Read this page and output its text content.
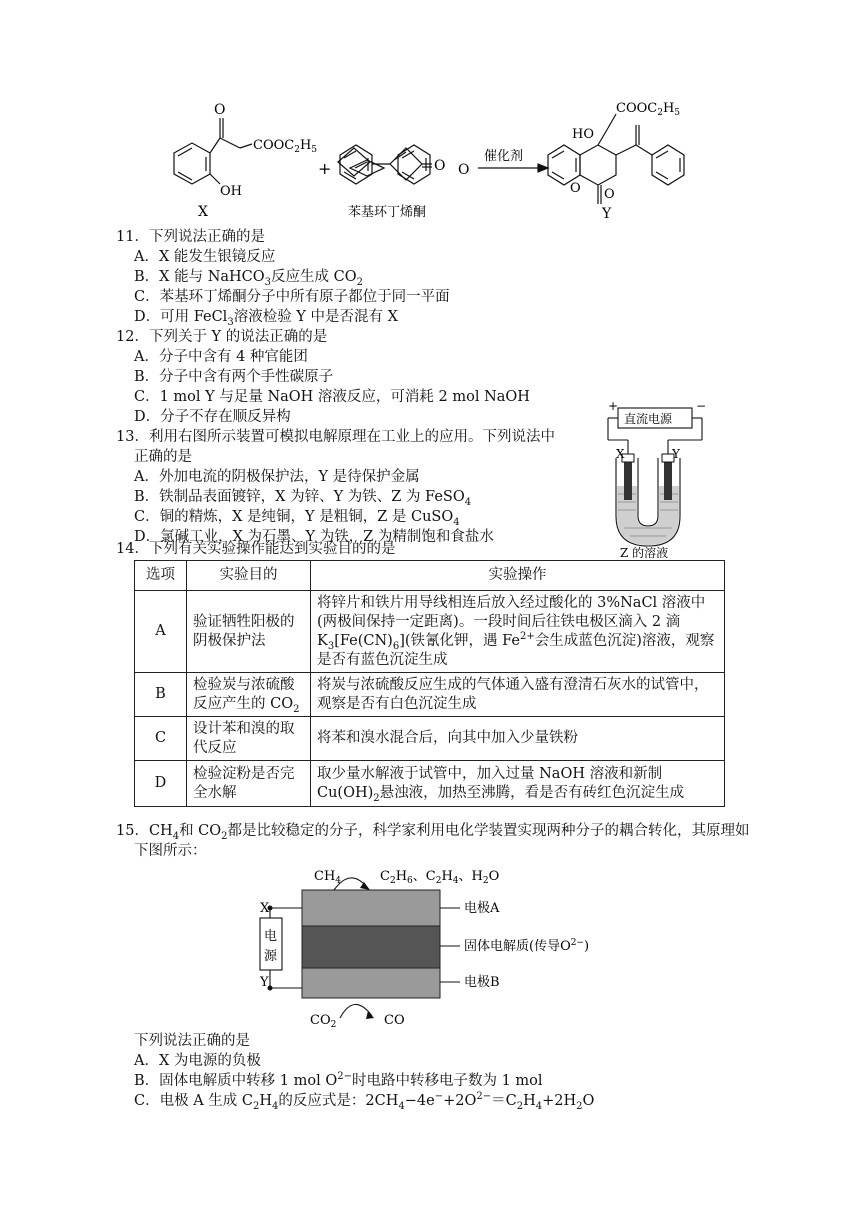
O
$COOC_2H_5$
OH
X
+	O
O
苯基环丁烯酮
催化剂
$COOC_2H_5$
HO
O O
Y
11．下列说法正确的是
A．X 能发生银镜反应
B．X 能与 NaHCO$_3$反应生成 $CO_2$
C．苯基环丁烯酮分子中所有原子都位于同一平面
D．可用 FeCl$_3$溶液检验 Y 中是否混有 X
12．下列关于 Y 的说法正确的是
A．分子中含有 4 种官能团
B．分子中含有两个手性碳原子
C．1 mol Y 与足量 NaOH 溶液反应，可消耗 2 mol NaOH
D．分子不存在顺反异构
13．利用右图所示装置可模拟电解原理在工业上的应用。下列说法中
正确的是
A．外加电流的阴极保护法，Y 是待保护金属
B．铁制品表面镀锌，X 为锌、Y 为铁、Z 为 FeSO$_4$
C．铜的精炼，X 是纯铜，Y 是粗铜，Z 是 CuSO$_4$
D．氯碱工业，X 为石墨、Y 为铁，Z 为精制饱和食盐水
直流电源
+	−
X	Y
Z 的溶液
14．下列有关实验操作能达到实验目的的是
选项	实验目的	实验操作
A	验证牺牲阳极的阴极保护法	将锌片和铁片用导线相连后放入经过酸化的 3%NaCl 溶液中(两极间保持一定距离)。一段时间后往铁电极区滴入 2 滴 $K_3[Fe(CN)_6]$(铁氰化钾，遇 $Fe^{2+}$会生成蓝色沉淀)溶液，观察是否有蓝色沉淀生成
B	检验炭与浓硫酸反应产生的 $CO_2$	将炭与浓硫酸反应生成的气体通入盛有澄清石灰水的试管中，观察是否有白色沉淀生成
C	设计苯和溴的取代反应	将苯和溴水混合后，向其中加入少量铁粉
D	检验淀粉是否完全水解	取少量水解液于试管中，加入过量 NaOH 溶液和新制 $Cu(OH)_2$悬浊液，加热至沸腾，看是否有砖红色沉淀生成
15．$CH_4$和 $CO_2$都是比较稳定的分子，科学家利用电化学装置实现两种分子的耦合转化，其原理如
下图所示：
$CH_4$	$C_2H_6$、$C_2H_4$、$H_2O$
X
Y
电
源
电极A
固体电解质(传导$O^{2-}$)
电极B
$CO_2$	CO
下列说法正确的是
A．X 为电源的负极
B．固体电解质中转移 1 mol $O^{2-}$时电路中转移电子数为 1 mol
C．电极 A 生成 $C_2H_4$的反应式是：$2CH_4-4e^-+2O^{2-}=C_2H_4+2H_2O$
